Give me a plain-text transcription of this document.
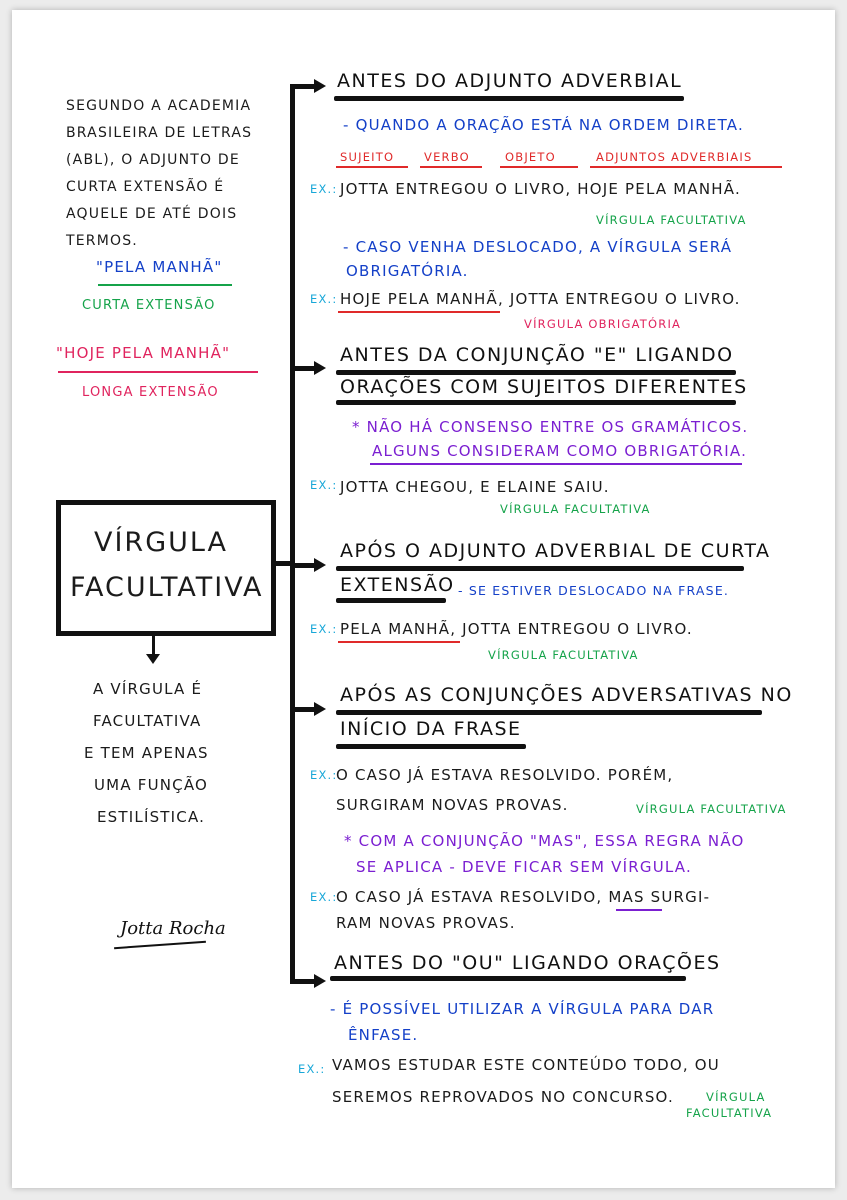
SEGUNDO A ACADEMIA
BRASILEIRA DE LETRAS
(ABL), O ADJUNTO DE
CURTA EXTENSÃO É
AQUELE DE ATÉ DOIS
TERMOS.
"PELA MANHÃ"
CURTA EXTENSÃO
"HOJE PELA MANHÃ"
LONGA EXTENSÃO
VÍRGULA
FACULTATIVA
A VÍRGULA É
FACULTATIVA
E TEM APENAS
UMA FUNÇÃO
ESTILÍSTICA.
Jotta Rocha
ANTES DO ADJUNTO ADVERBIAL
- QUANDO A ORAÇÃO ESTÁ NA ORDEM DIRETA.
SUJEITO	VERBO	OBJETO	ADJUNTOS ADVERBIAIS
EX.: JOTTA ENTREGOU O LIVRO, HOJE PELA MANHÃ.
VÍRGULA FACULTATIVA
- CASO VENHA DESLOCADO, A VÍRGULA SERÁ
OBRIGATÓRIA.
EX.: HOJE PELA MANHÃ, JOTTA ENTREGOU O LIVRO.
VÍRGULA OBRIGATÓRIA
ANTES DA CONJUNÇÃO "E" LIGANDO
ORAÇÕES COM SUJEITOS DIFERENTES
* NÃO HÁ CONSENSO ENTRE OS GRAMÁTICOS.
ALGUNS CONSIDERAM COMO OBRIGATÓRIA.
EX.: JOTTA CHEGOU, E ELAINE SAIU.
VÍRGULA FACULTATIVA
APÓS O ADJUNTO ADVERBIAL DE CURTA
EXTENSÃO - SE ESTIVER DESLOCADO NA FRASE.
EX.: PELA MANHÃ, JOTTA ENTREGOU O LIVRO.
VÍRGULA FACULTATIVA
APÓS AS CONJUNÇÕES ADVERSATIVAS NO
INÍCIO DA FRASE
EX.:
O CASO JÁ ESTAVA RESOLVIDO. PORÉM,
SURGIRAM NOVAS PROVAS.	VÍRGULA FACULTATIVA
* COM A CONJUNÇÃO "MAS", ESSA REGRA NÃO
SE APLICA - DEVE FICAR SEM VÍRGULA.
EX.:
O CASO JÁ ESTAVA RESOLVIDO, MAS SURGI-
RAM NOVAS PROVAS.
ANTES DO "OU" LIGANDO ORAÇÕES
- É POSSÍVEL UTILIZAR A VÍRGULA PARA DAR
ÊNFASE.
EX.: VAMOS ESTUDAR ESTE CONTEÚDO TODO, OU
SEREMOS REPROVADOS NO CONCURSO.	VÍRGULA
FACULTATIVA
